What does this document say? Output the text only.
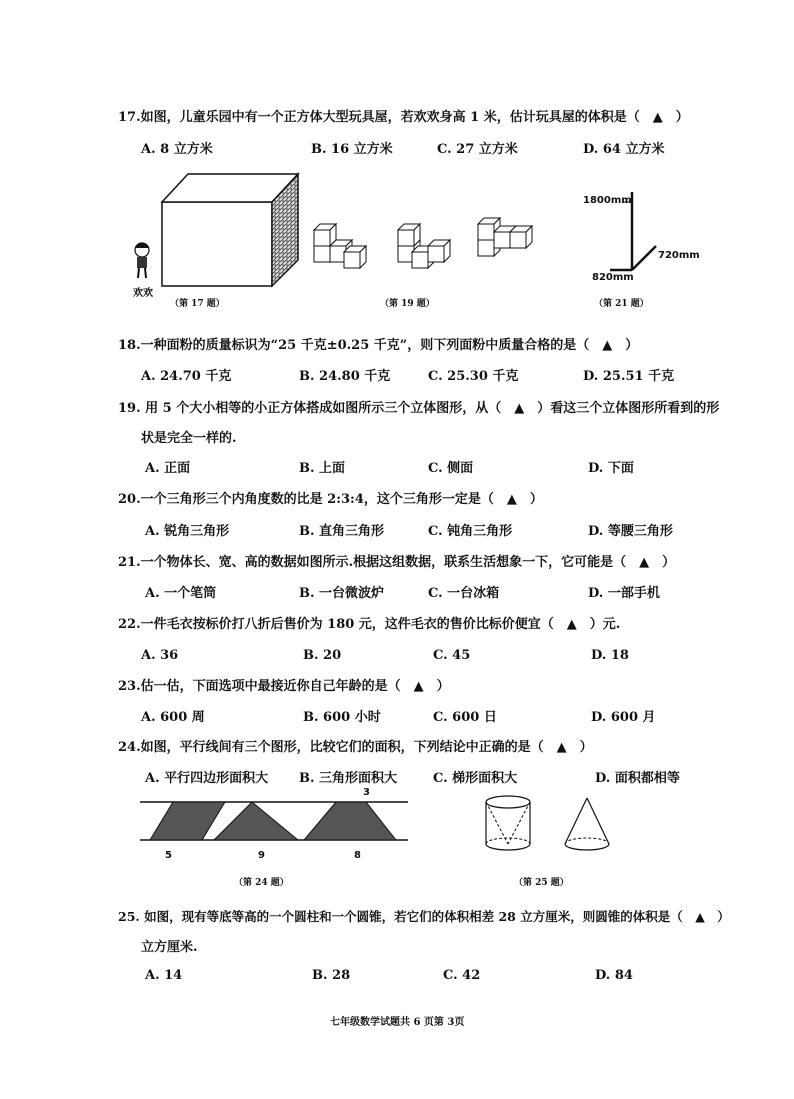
17.如图，儿童乐园中有一个正方体大型玩具屋，若欢欢身高 1 米，估计玩具屋的体积是（　▲　）
A. 8 立方米	B. 16 立方米	C. 27 立方米	D. 64 立方米
欢欢
（第 17 题）	（第 19 题）
1800mm
720mm
820mm
（第 21 题）
18.一种面粉的质量标识为“25 千克±0.25 千克”，则下列面粉中质量合格的是（　▲　）
A. 24.70 千克	B. 24.80 千克	C. 25.30 千克	D. 25.51 千克
19. 用 5 个大小相等的小正方体搭成如图所示三个立体图形，从（　▲　）看这三个立体图形所看到的形
状是完全一样的.
A. 正面	B. 上面	C. 侧面	D. 下面
20.一个三角形三个内角度数的比是 2:3:4，这个三角形一定是（　▲　）
A. 锐角三角形	B. 直角三角形	C. 钝角三角形	D. 等腰三角形
21.一个物体长、宽、高的数据如图所示.根据这组数据，联系生活想象一下，它可能是（　▲　）
A. 一个笔筒	B. 一台微波炉	C. 一台冰箱	D. 一部手机
22.一件毛衣按标价打八折后售价为 180 元，这件毛衣的售价比标价便宜（　▲　）元.
A. 36	B. 20	C. 45	D. 18
23.估一估，下面选项中最接近你自己年龄的是（　▲　）
A. 600 周	B. 600 小时	C. 600 日	D. 600 月
24.如图，平行线间有三个图形，比较它们的面积，下列结论中正确的是（　▲　）
A. 平行四边形面积大 B. 三角形面积大	C. 梯形面积大	D. 面积都相等
5	9	8
3
（第 24 题）	（第 25 题）
25. 如图，现有等底等高的一个圆柱和一个圆锥，若它们的体积相差 28 立方厘米，则圆锥的体积是（　▲　）
立方厘米.
A. 14	B. 28	C. 42	D. 84
七年级数学试题共 6 页第 3页
